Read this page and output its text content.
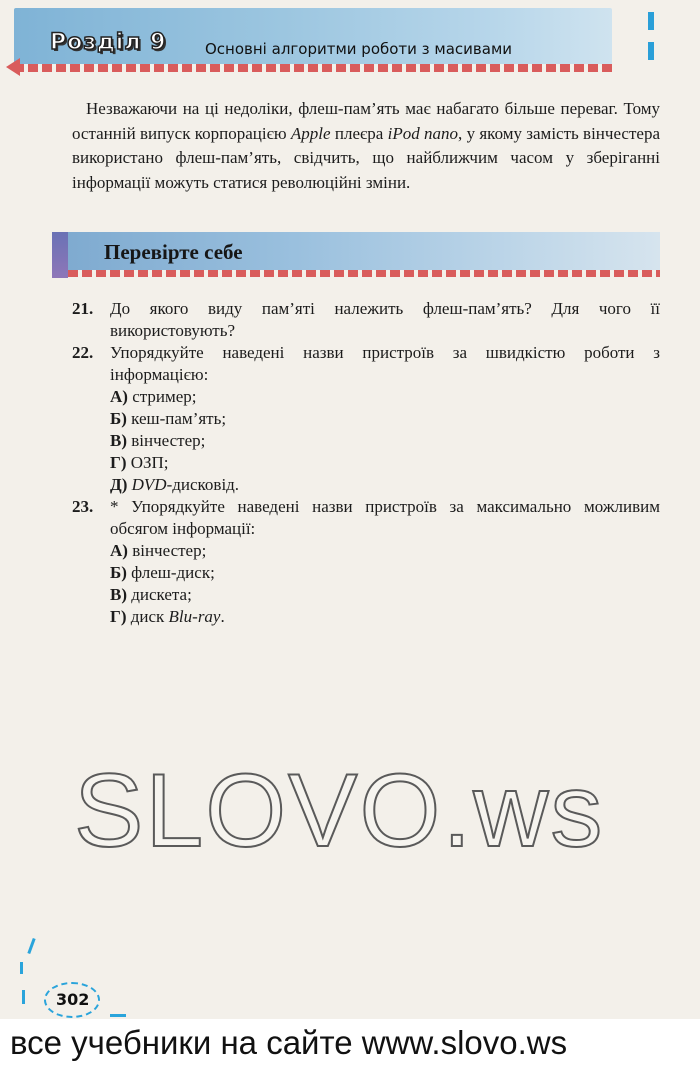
Розділ 9	Основні алгоритми роботи з масивами

Незважаючи на ці недоліки, флеш-пам’ять має набагато більше переваг. Тому останній випуск корпорацією Apple плеєра iPod nano, у якому замість вінчестера використано флеш-пам’ять, свідчить, що найближчим часом у зберіганні інформації можуть статися революційні зміни.

Перевірте себе
21. До якого виду пам’яті належить флеш-пам’ять? Для чого її використовують?
22. Упорядкуйте наведені назви пристроїв за швидкістю роботи з інформацією:
А) стример;
Б) кеш-пам’ять;
В) вінчестер;
Г) ОЗП;
Д) DVD-дисковід.
23. * Упорядкуйте наведені назви пристроїв за максимально можливим обсягом інформації:
А) вінчестер;
Б) флеш-диск;
В) дискета;
Г) диск Blu-ray.
SLOVO.ws
302
все учебники на сайте www.slovo.ws
